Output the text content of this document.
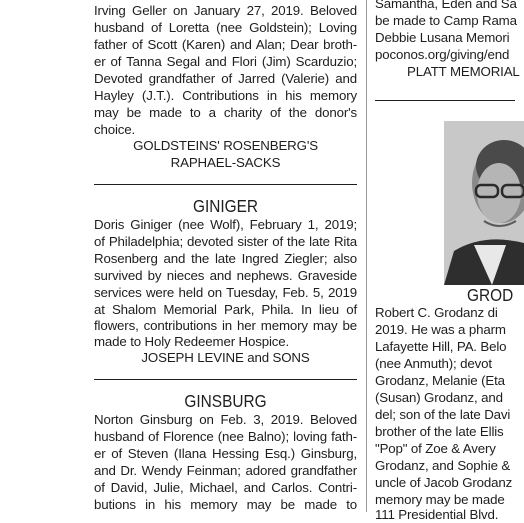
Irving Geller on January 27, 2019. Beloved
husband of Loretta (nee Goldstein); Loving
father of Scott (Karen) and Alan; Dear broth-
er of Tanna Segal and Flori (Jim) Scarduzio;
Devoted grandfather of Jarred (Valerie) and
Hayley (J.T.). Contributions in his memory
may be made to a charity of the donor's
choice.
GOLDSTEINS' ROSENBERG'S
RAPHAEL-SACKS
GINIGER
Doris Giniger (nee Wolf), February 1, 2019;
of Philadelphia; devoted sister of the late Rita
Rosenberg and the late Ingred Ziegler; also
survived by nieces and nephews. Graveside
services were held on Tuesday, Feb. 5, 2019
at Shalom Memorial Park, Phila. In lieu of
flowers, contributions in her memory may be
made to Holy Redeemer Hospice.
JOSEPH LEVINE and SONS
GINSBURG
Norton Ginsburg on Feb. 3, 2019. Beloved
husband of Florence (nee Balno); loving fath-
er of Steven (Ilana Hessing Esq.) Ginsburg,
and Dr. Wendy Feinman; adored grandfather
of David, Julie, Michael, and Carlos. Contri-
butions in his memory may be made to
Samantha, Eden and Sa
be made to Camp Rama
Debbie Lusana Memori
poconos.org/giving/end
PLATT MEMORIAL
GROD
Robert C. Grodanz di
2019. He was a pharm
Lafayette Hill, PA. Belo
(nee Anmuth); devot
Grodanz, Melanie (Eta
(Susan) Grodanz, and
del; son of the late Davi
brother of the late Ellis
"Pop" of Zoe & Avery
Grodanz, and Sophie &
uncle of Jacob Grodanz
memory may be made
111 Presidential Blvd.
